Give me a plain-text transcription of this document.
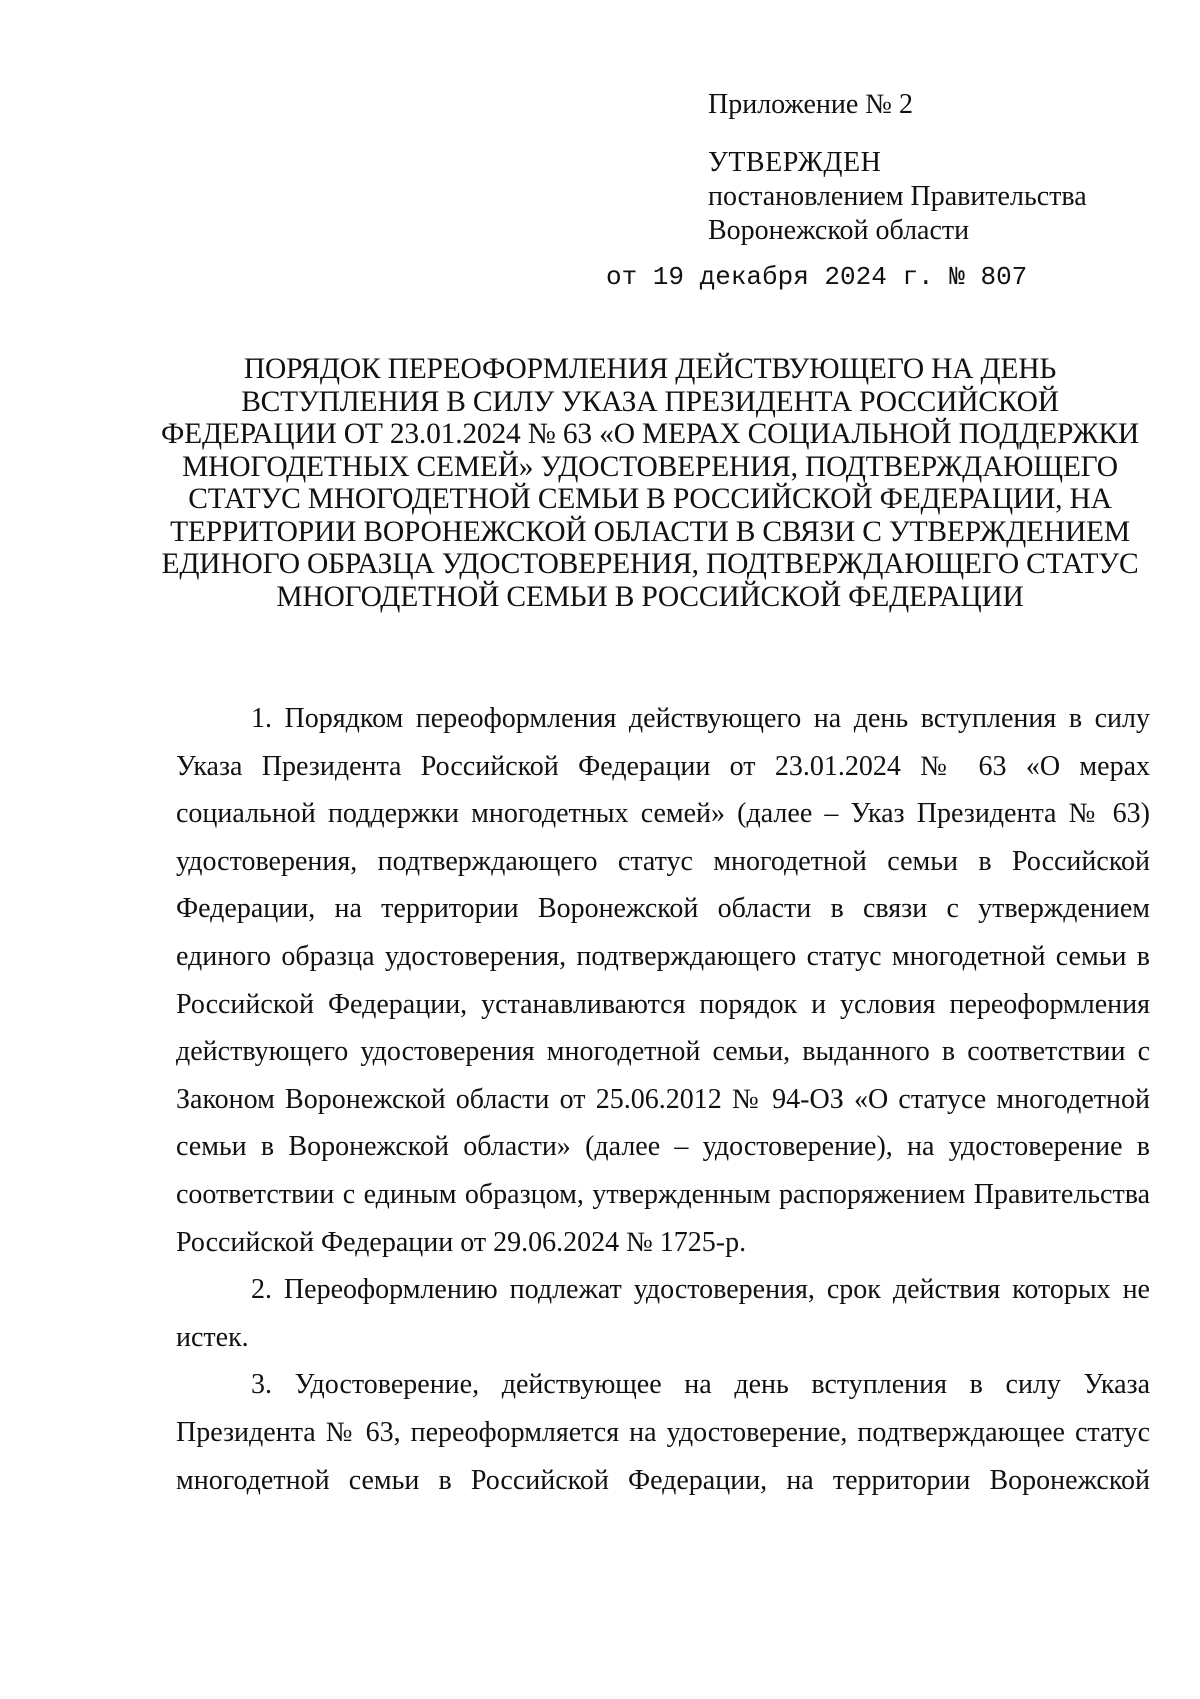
Приложение № 2
УТВЕРЖДЕН
постановлением Правительства
Воронежской области
от 19 декабря 2024 г. № 807
ПОРЯДОК ПЕРЕОФОРМЛЕНИЯ ДЕЙСТВУЮЩЕГО НА ДЕНЬ
ВСТУПЛЕНИЯ В СИЛУ УКАЗА ПРЕЗИДЕНТА РОССИЙСКОЙ
ФЕДЕРАЦИИ ОТ 23.01.2024 № 63 «О МЕРАХ СОЦИАЛЬНОЙ ПОДДЕРЖКИ
МНОГОДЕТНЫХ СЕМЕЙ» УДОСТОВЕРЕНИЯ, ПОДТВЕРЖДАЮЩЕГО
СТАТУС МНОГОДЕТНОЙ СЕМЬИ В РОССИЙСКОЙ ФЕДЕРАЦИИ, НА
ТЕРРИТОРИИ ВОРОНЕЖСКОЙ ОБЛАСТИ В СВЯЗИ С УТВЕРЖДЕНИЕМ
ЕДИНОГО ОБРАЗЦА УДОСТОВЕРЕНИЯ, ПОДТВЕРЖДАЮЩЕГО СТАТУС
МНОГОДЕТНОЙ СЕМЬИ В РОССИЙСКОЙ ФЕДЕРАЦИИ
1. Порядком переоформления действующего на день вступления в силу
Указа Президента Российской Федерации от 23.01.2024 № 63 «О мерах
социальной поддержки многодетных семей» (далее – Указ Президента № 63)
удостоверения, подтверждающего статус многодетной семьи в Российской
Федерации, на территории Воронежской области в связи с утверждением
единого образца удостоверения, подтверждающего статус многодетной семьи в
Российской Федерации, устанавливаются порядок и условия переоформления
действующего удостоверения многодетной семьи, выданного в соответствии с
Законом Воронежской области от 25.06.2012 № 94-ОЗ «О статусе многодетной
семьи в Воронежской области» (далее – удостоверение), на удостоверение в
соответствии с единым образцом, утвержденным распоряжением Правительства
Российской Федерации от 29.06.2024 № 1725-р.
2. Переоформлению подлежат удостоверения, срок действия которых не
истек.
3. Удостоверение, действующее на день вступления в силу Указа
Президента № 63, переоформляется на удостоверение, подтверждающее статус
многодетной семьи в Российской Федерации, на территории Воронежской
